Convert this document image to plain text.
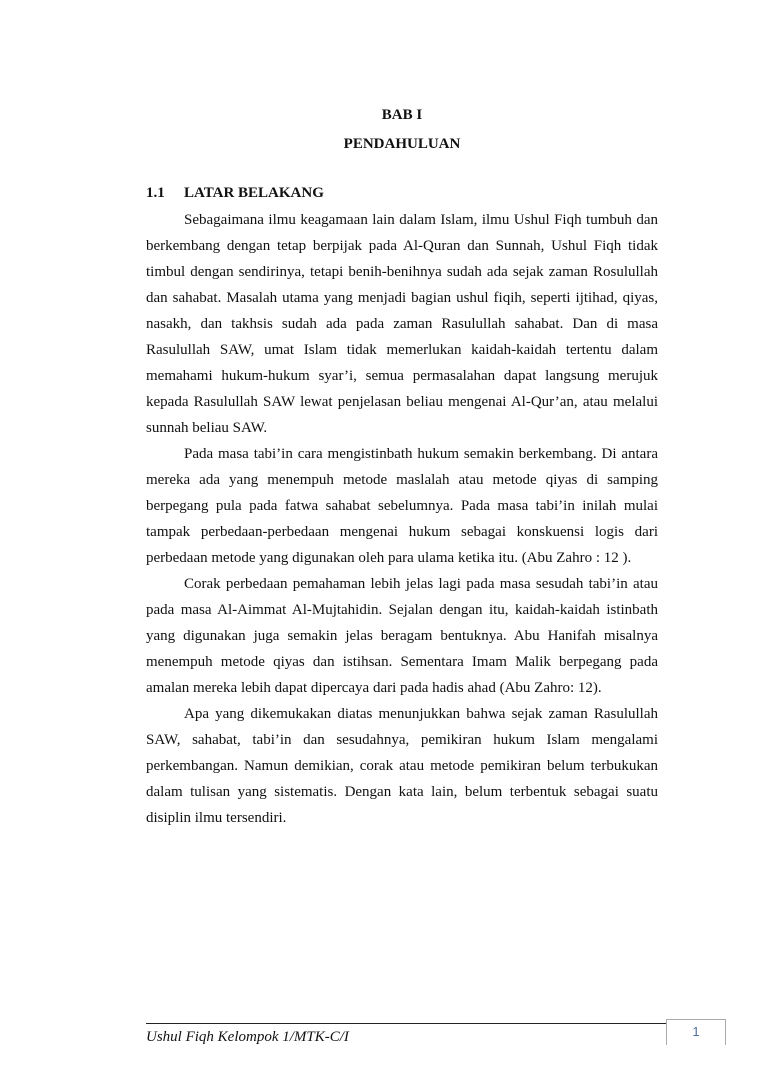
BAB I
PENDAHULUAN
1.1 LATAR BELAKANG

Sebagaimana ilmu keagamaan lain dalam Islam, ilmu Ushul Fiqh tumbuh dan berkembang dengan tetap berpijak pada Al-Quran dan Sunnah, Ushul Fiqh tidak timbul dengan sendirinya, tetapi benih-benihnya sudah ada sejak zaman Rosulullah dan sahabat. Masalah utama yang menjadi bagian ushul fiqih, seperti ijtihad, qiyas, nasakh, dan takhsis sudah ada pada zaman Rasulullah sahabat. Dan di masa Rasulullah SAW, umat Islam tidak memerlukan kaidah-kaidah tertentu dalam memahami hukum-hukum syar’i, semua permasalahan dapat langsung merujuk kepada Rasulullah SAW lewat penjelasan beliau mengenai Al-Qur’an, atau melalui sunnah beliau SAW.

Pada masa tabi’in cara mengistinbath hukum semakin berkembang. Di antara mereka ada yang menempuh metode maslalah atau metode qiyas di samping berpegang pula pada fatwa sahabat sebelumnya. Pada masa tabi’in inilah mulai tampak perbedaan-perbedaan mengenai hukum sebagai konskuensi logis dari perbedaan metode yang digunakan oleh para ulama ketika itu. (Abu Zahro : 12 ).

Corak perbedaan pemahaman lebih jelas lagi pada masa sesudah tabi’in atau pada masa Al-Aimmat Al-Mujtahidin. Sejalan dengan itu, kaidah-kaidah istinbath yang digunakan juga semakin jelas beragam bentuknya. Abu Hanifah misalnya menempuh metode qiyas dan istihsan. Sementara Imam Malik berpegang pada amalan mereka lebih dapat dipercaya dari pada hadis ahad (Abu Zahro: 12).

Apa yang dikemukakan diatas menunjukkan bahwa sejak zaman Rasulullah SAW, sahabat, tabi’in dan sesudahnya, pemikiran hukum Islam mengalami perkembangan. Namun demikian, corak atau metode pemikiran belum terbukukan dalam tulisan yang sistematis. Dengan kata lain, belum terbentuk sebagai suatu disiplin ilmu tersendiri.

Ushul Fiqh Kelompok 1/MTK-C/I	1
